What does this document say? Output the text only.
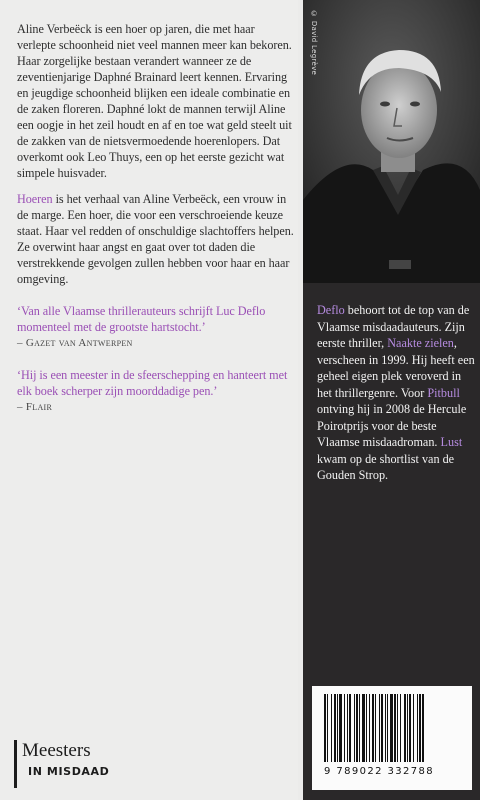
Aline Verbeëck is een hoer op jaren, die met haar verlepte schoonheid niet veel mannen meer kan bekoren. Haar zorgelijke bestaan verandert wanneer ze de zeventienjarige Daphné Brainard leert kennen. Ervaring en jeugdige schoonheid blijken een ideale combinatie en de zaken floreren. Daphné lokt de mannen terwijl Aline een oogje in het zeil houdt en af en toe wat geld steelt uit de zakken van de nietsvermoedende hoerenlopers. Dat overkomt ook Leo Thuys, een op het eerste gezicht wat simpele huisvader.

Hoeren is het verhaal van Aline Verbeëck, een vrouw in de marge. Een hoer, die voor een verschroeiende keuze staat. Haar vel redden of onschuldige slachtoffers helpen. Ze overwint haar angst en gaat over tot daden die verstrekkende gevolgen zullen hebben voor haar en haar omgeving.

‘Van alle Vlaamse thrillerauteurs schrijft Luc Deflo momenteel met de grootste hartstocht.’
– Gazet van Antwerpen
‘Hij is een meester in de sfeerschepping en hanteert met elk boek scherper zijn moorddadige pen.’
– Flair
Deflo behoort tot de top van de Vlaamse misdaadauteurs. Zijn eerste thriller, Naakte zielen, verscheen in 1999. Hij heeft een geheel eigen plek veroverd in het thrillergenre. Voor Pitbull ontving hij in 2008 de Hercule Poirotprijs voor de beste Vlaamse misdaadroman. Lust kwam op de shortlist van de Gouden Strop.
© David Legrève
9 789022 332788
Meesters
IN MISDAAD
